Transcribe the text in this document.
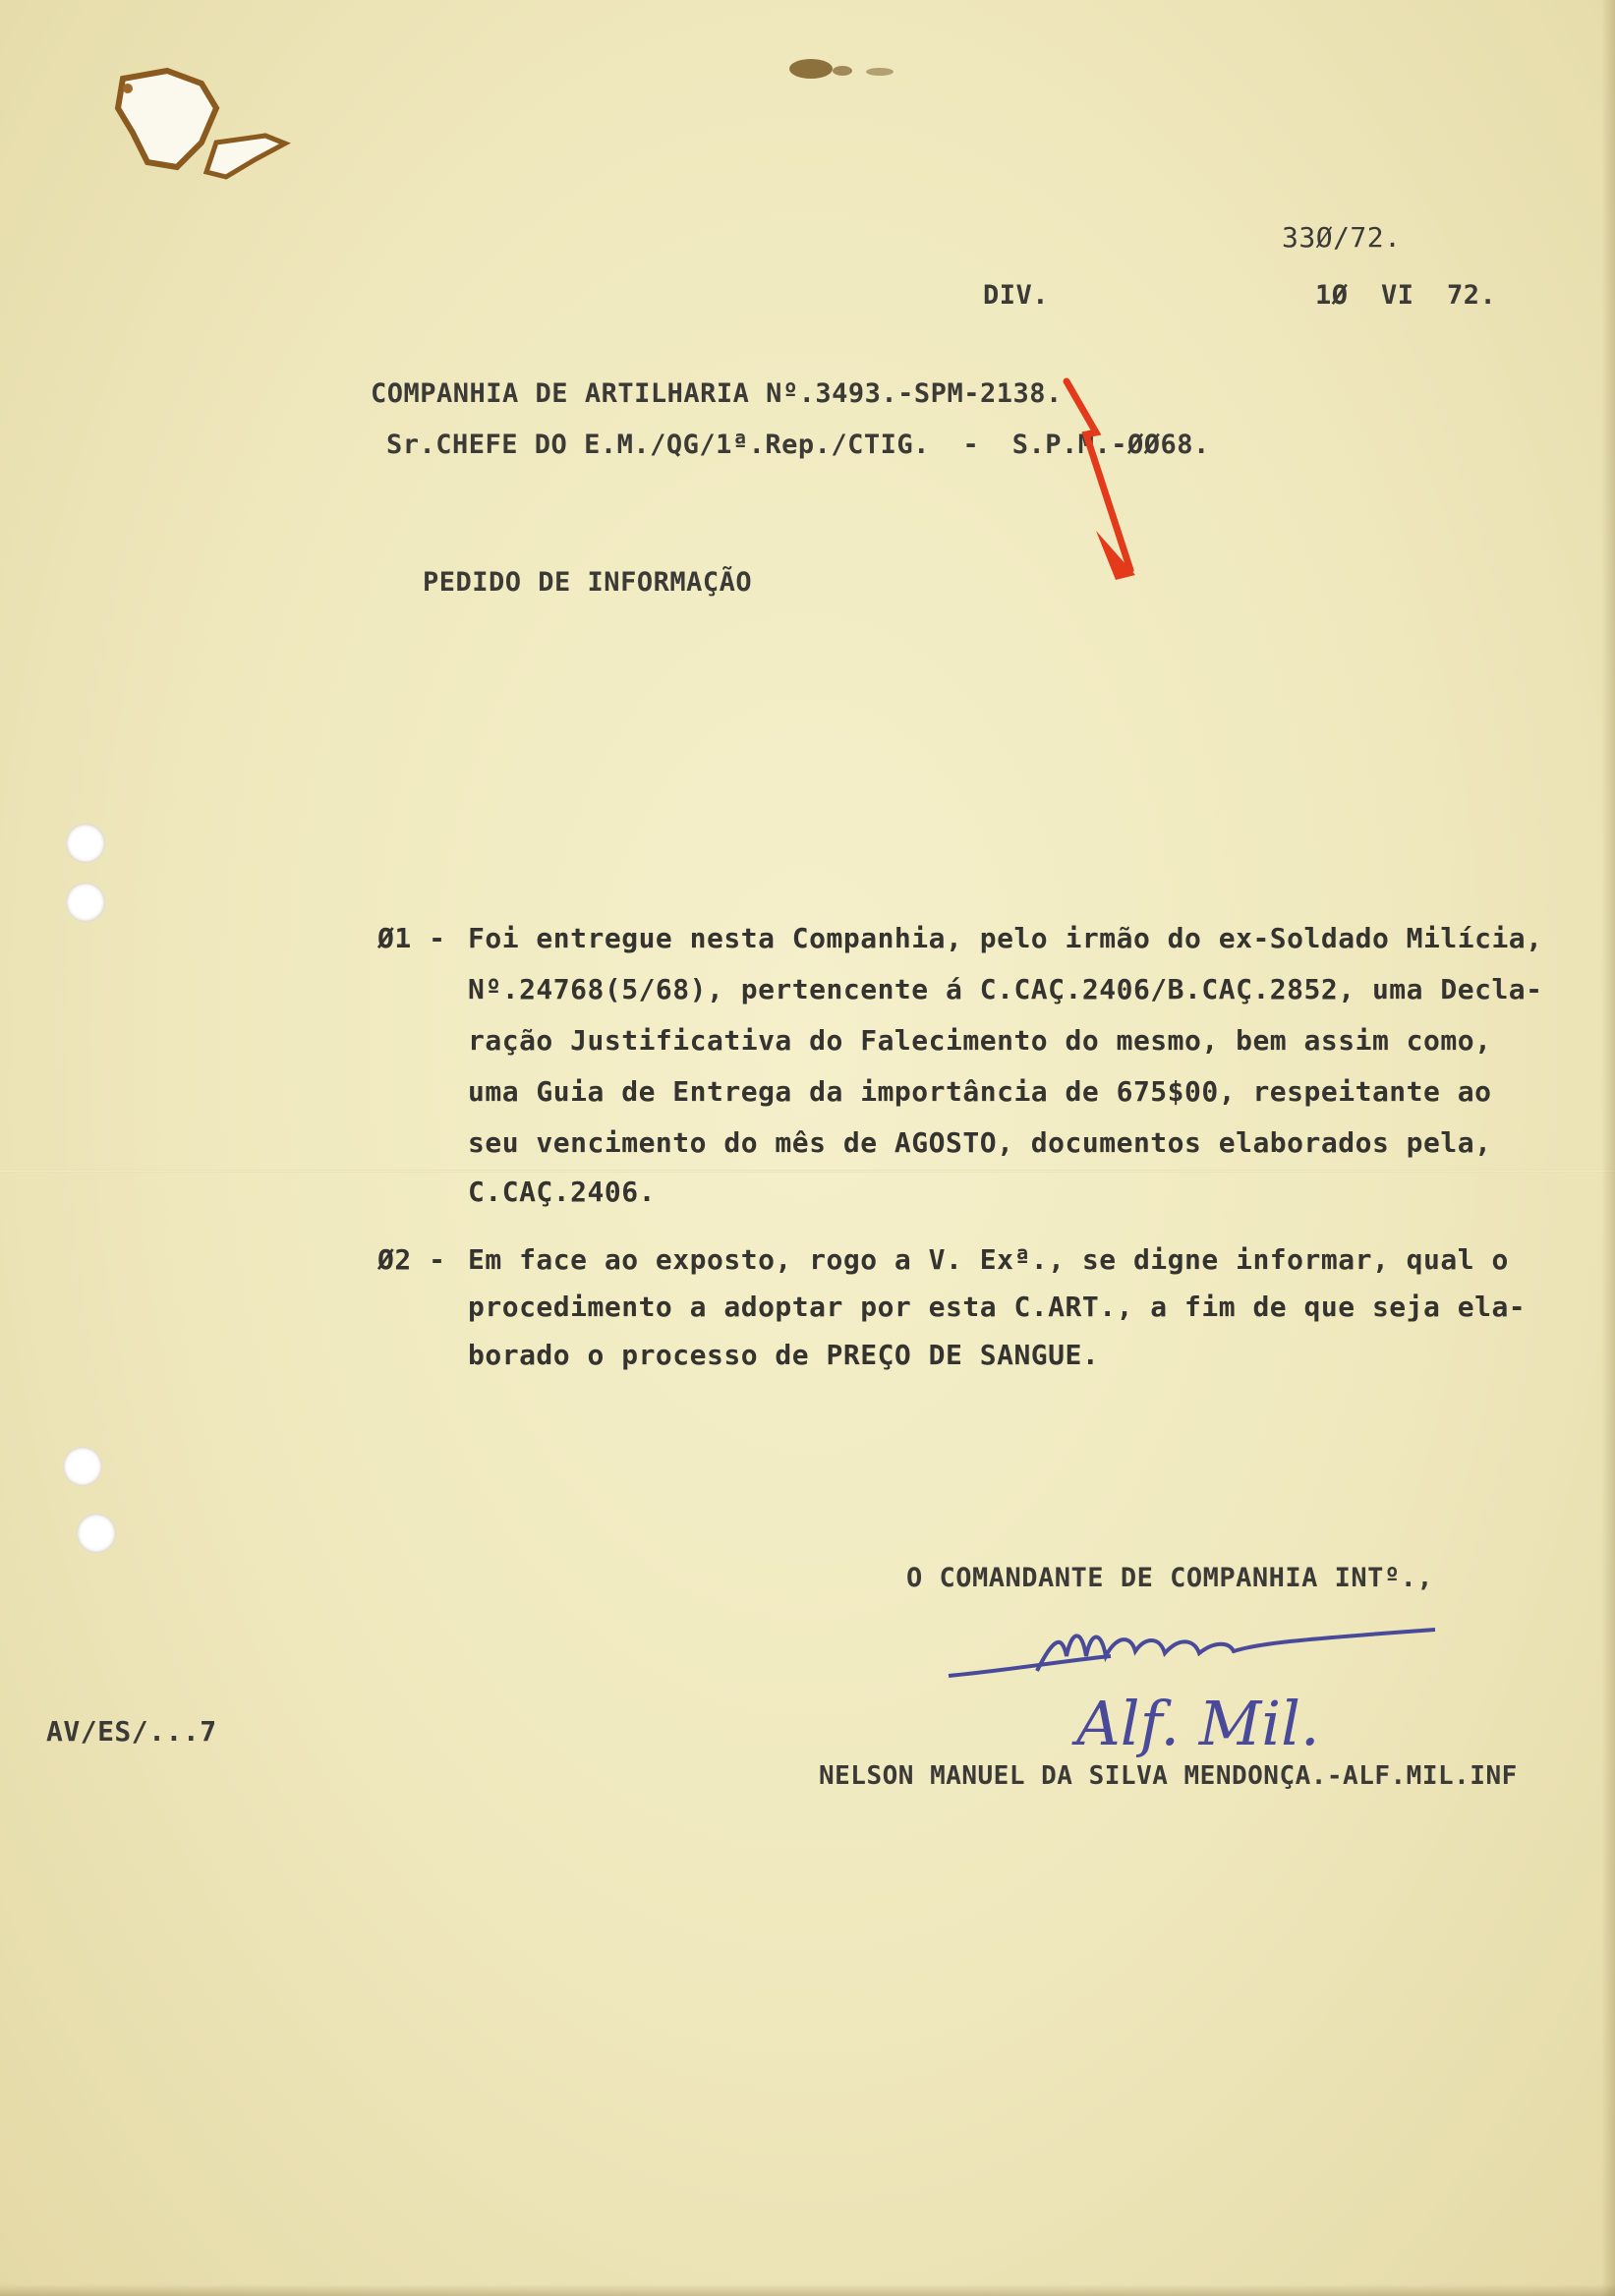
33Ø/72.
DIV.	1Ø  VI  72.
COMPANHIA DE ARTILHARIA Nº.3493.-SPM-2138.
Sr.CHEFE DO E.M./QG/1ª.Rep./CTIG.  -  S.P.M.-ØØ68.
PEDIDO DE INFORMAÇÃO
Ø1 - Foi entregue nesta Companhia, pelo irmão do ex-Soldado Milícia,
Nº.24768(5/68), pertencente á C.CAÇ.2406/B.CAÇ.2852, uma Decla-
ração Justificativa do Falecimento do mesmo, bem assim como,
uma Guia de Entrega da importância de 675$00, respeitante ao
seu vencimento do mês de AGOSTO, documentos elaborados pela,
C.CAÇ.2406.
Ø2 - Em face ao exposto, rogo a V. Exª., se digne informar, qual o
procedimento a adoptar por esta C.ART., a fim de que seja ela-
borado o processo de PREÇO DE SANGUE.
O COMANDANTE DE COMPANHIA INTº.,
Alf. Mil.
NELSON MANUEL DA SILVA MENDONÇA.-ALF.MIL.INF
AV/ES/...7
